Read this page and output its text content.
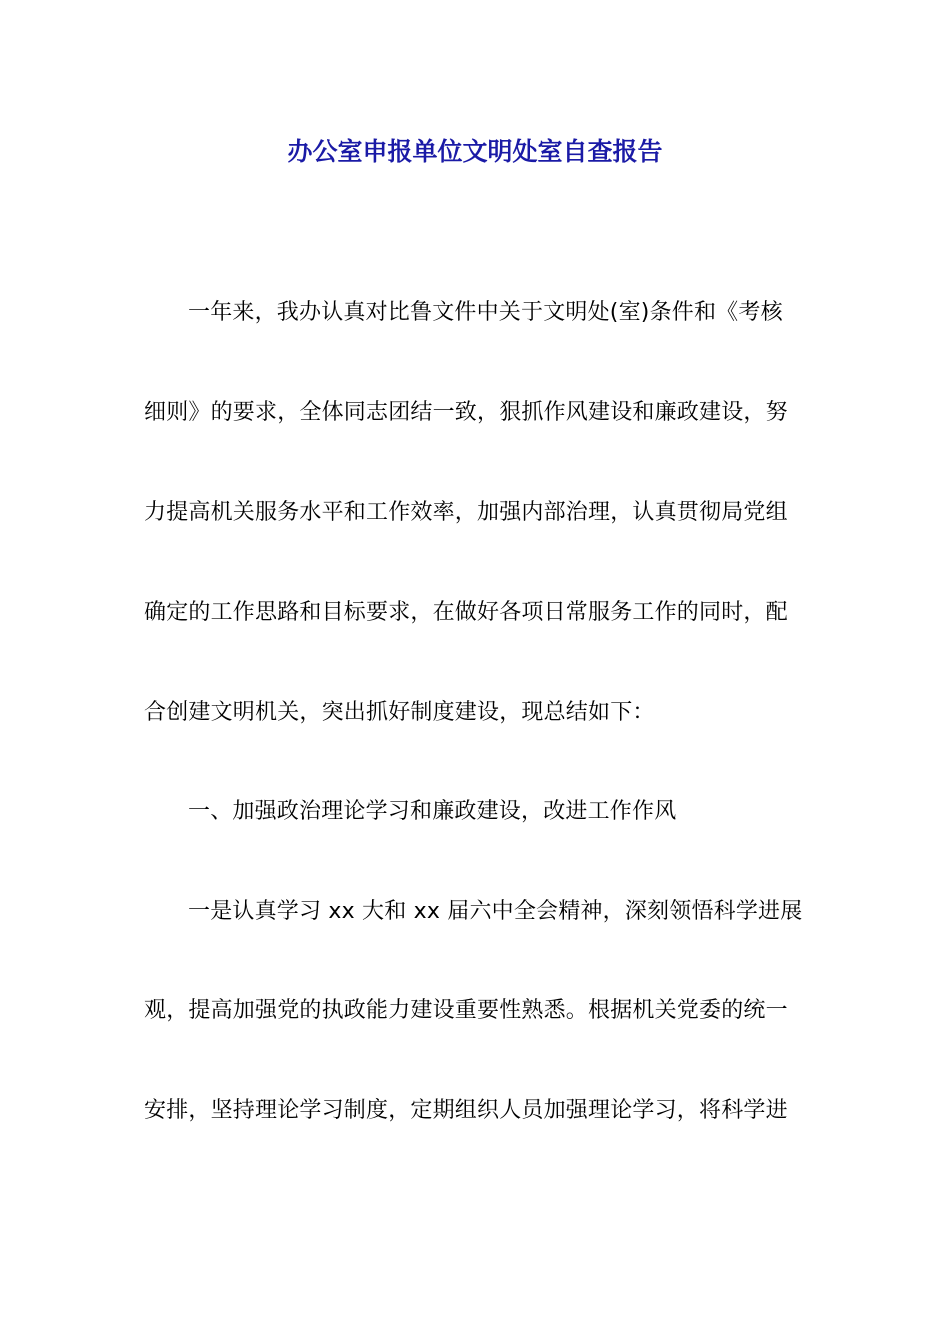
办公室申报单位文明处室自查报告
一年来，我办认真对比鲁文件中关于文明处(室)条件和《考核
细则》的要求，全体同志团结一致，狠抓作风建设和廉政建设，努
力提高机关服务水平和工作效率，加强内部治理，认真贯彻局党组
确定的工作思路和目标要求，在做好各项日常服务工作的同时，配
合创建文明机关，突出抓好制度建设，现总结如下：
一、加强政治理论学习和廉政建设，改进工作作风
一是认真学习 xx 大和 xx 届六中全会精神，深刻领悟科学进展
观，提高加强党的执政能力建设重要性熟悉。根据机关党委的统一
安排，坚持理论学习制度，定期组织人员加强理论学习，将科学进
